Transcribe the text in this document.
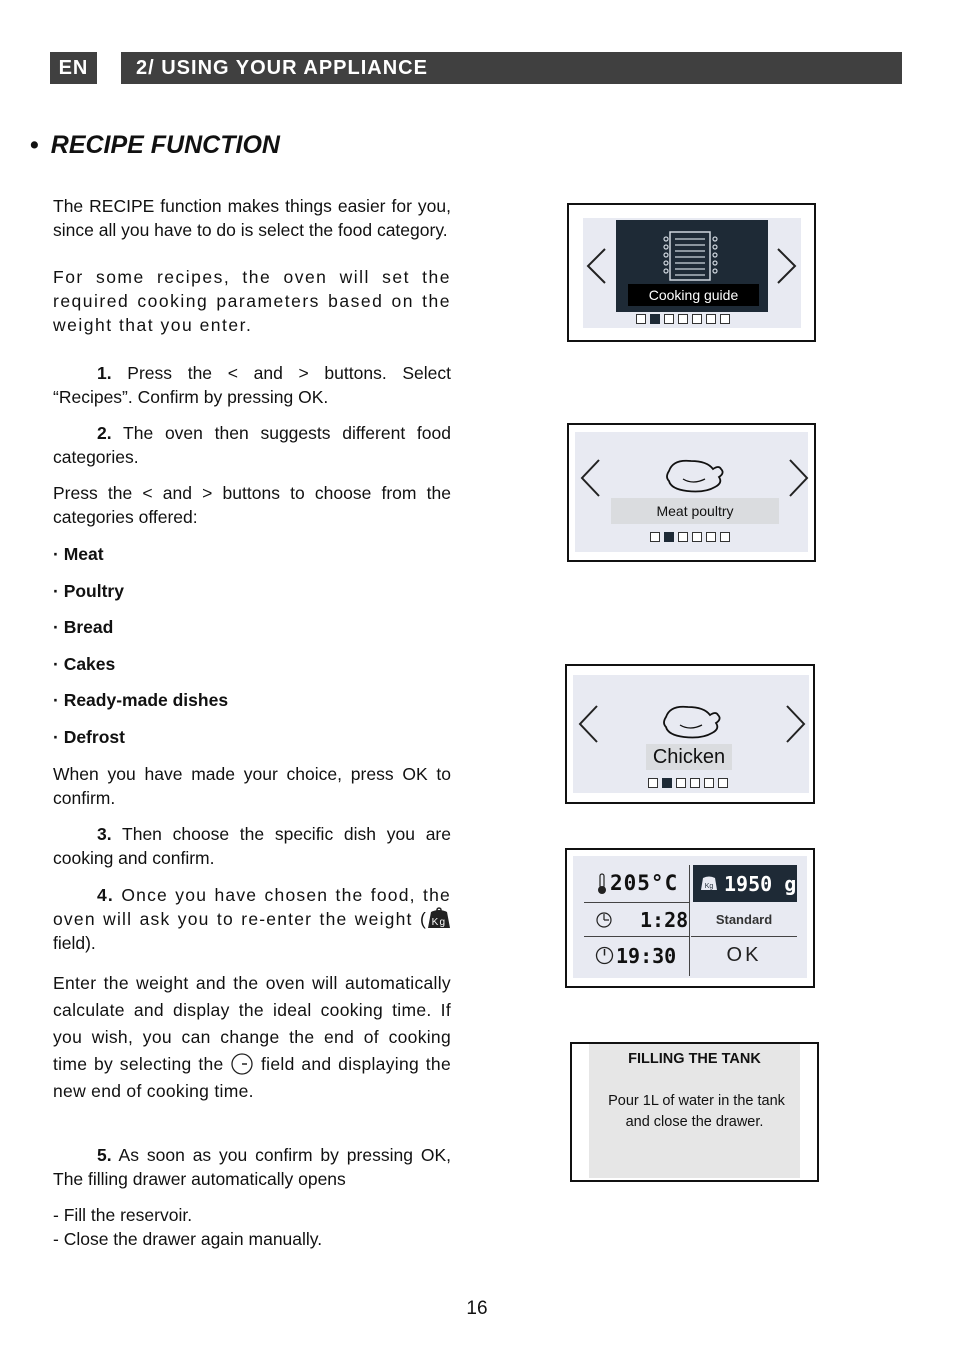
EN	2/ USING YOUR APPLIANCE
• RECIPE FUNCTION

The RECIPE function makes things easier for you, since all you have to do is select the food category.

For some recipes, the oven will set the required cooking parameters based on the weight that you enter.

1. Press the < and > buttons. Select “Recipes”. Confirm by pressing OK.

2. The oven then suggests different food categories.

Press the < and > buttons to choose from the categories offered:

· Meat
· Poultry
· Bread
· Cakes
· Ready-made dishes
· Defrost

When you have made your choice, press OK to confirm.

3. Then choose the specific dish you are cooking and confirm.

4. Once you have chosen the food, the oven will ask you to re-enter the weight ( Kg
field).

Enter the weight and the oven will automatically calculate and display the ideal cooking time. If you wish, you can change the end of cooking time by selecting the field and displaying the new end of cooking time.

5. As soon as you confirm by pressing OK, The filling drawer automatically opens

- Fill the reservoir.

- Close the drawer again manually.

16
Cooking guide
Meat poultry
Chicken
205°C	Kg 1950 g
1:28	Standard
19:30	OK
FILLING THE TANK
Pour 1L of water in the tank
and close the drawer.
